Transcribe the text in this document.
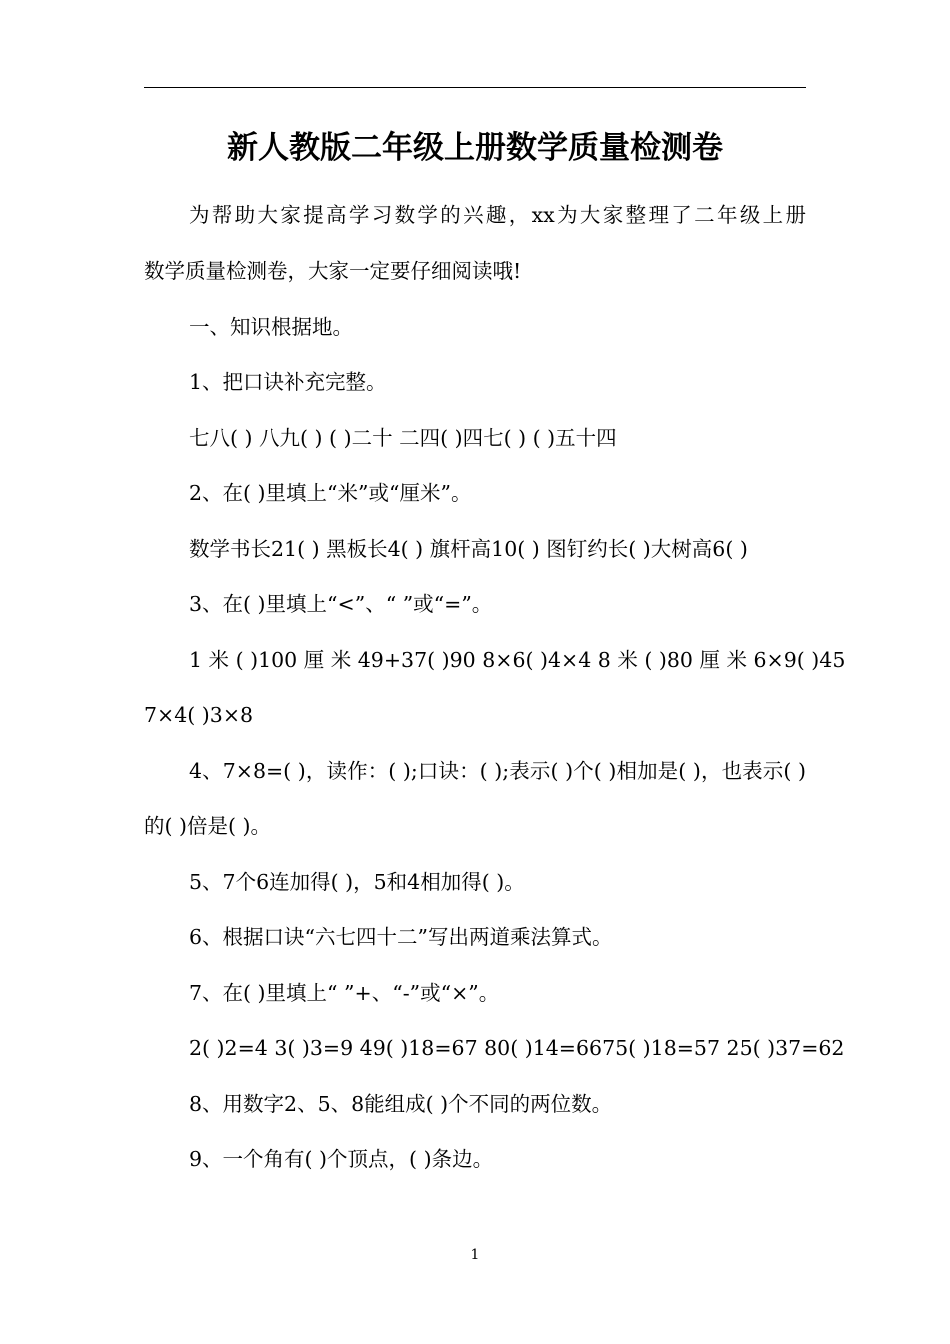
新人教版二年级上册数学质量检测卷
为帮助大家提高学习数学的兴趣，xx为大家整理了二年级上册
数学质量检测卷，大家一定要仔细阅读哦!
一、知识根据地。
1、把口诀补充完整。
七八( ) 八九( ) ( )二十 二四( )四七( ) ( )五十四
2、在( )里填上“米”或“厘米”。
数学书长21( ) 黑板长4( ) 旗杆高10( ) 图钉约长( )大树高6( )
3、在( )里填上“<”、“ ”或“=”。
1 米 ( )100 厘 米 49+37( )90 8×6( )4×4 8 米 ( )80 厘 米 6×9( )45
7×4( )3×8
4、7×8=( )，读作：( );口诀：( );表示( )个( )相加是( )，也表示( )
的( )倍是( )。
5、7个6连加得( )，5和4相加得( )。
6、根据口诀“六七四十二”写出两道乘法算式。
7、在( )里填上“ ”+、“-”或“×”。
2( )2=4 3( )3=9 49( )18=67 80( )14=6675( )18=57 25( )37=62
8、用数字2、5、8能组成( )个不同的两位数。
9、一个角有( )个顶点，( )条边。
1
